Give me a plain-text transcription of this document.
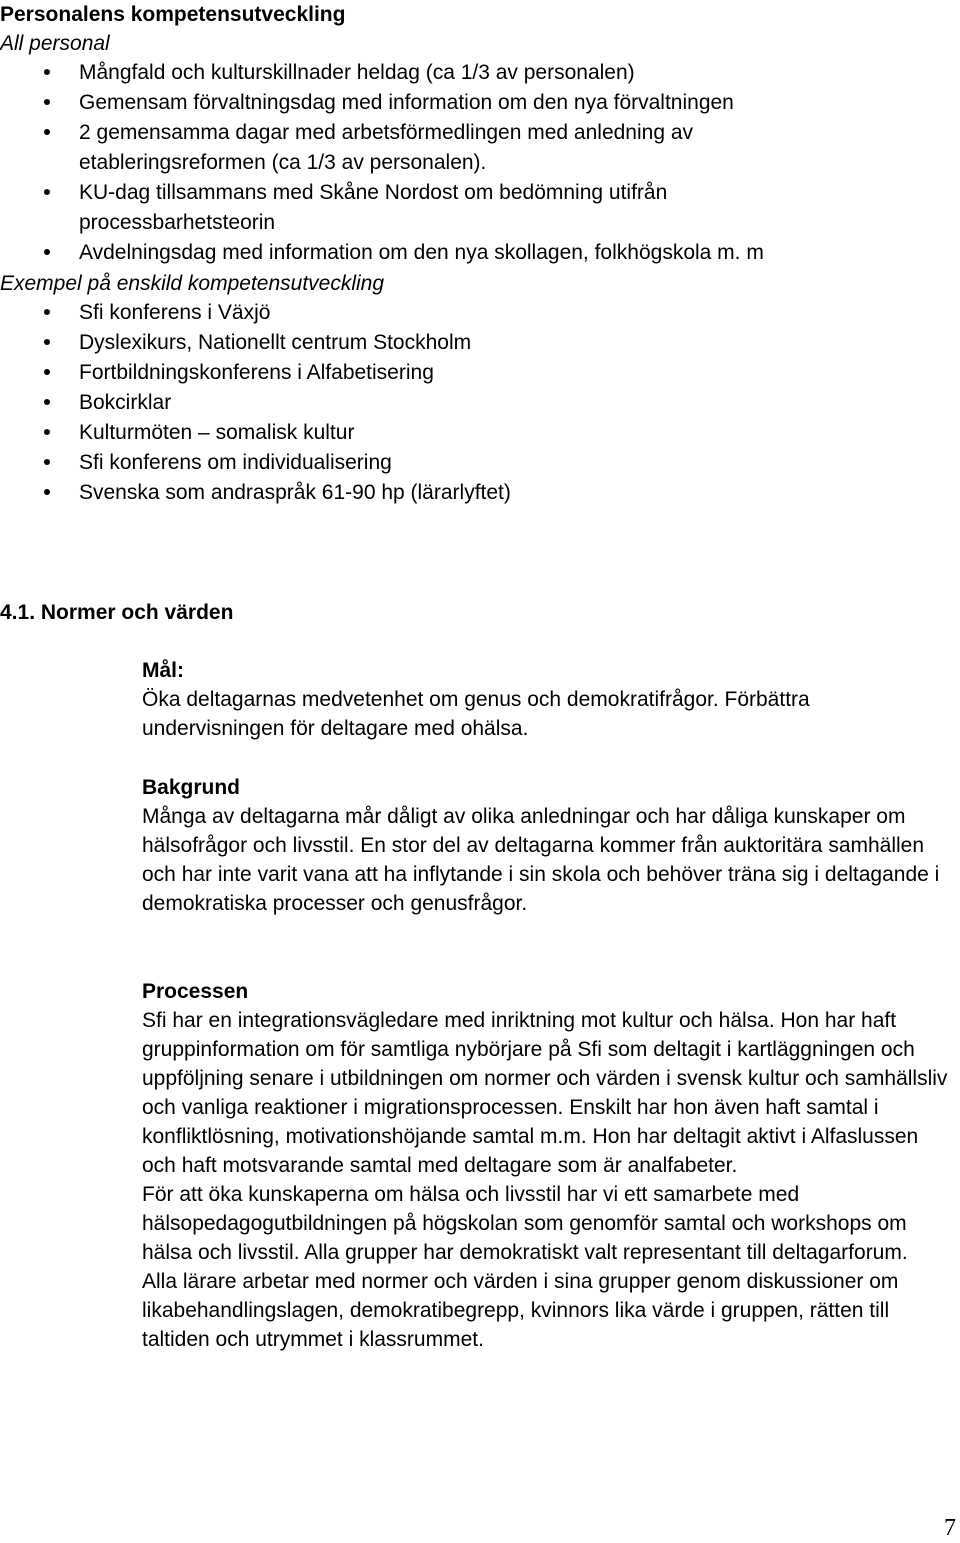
Personalens kompetensutveckling
All personal
Mångfald och kulturskillnader heldag (ca 1/3 av personalen)
Gemensam förvaltningsdag med information om den nya förvaltningen
2 gemensamma dagar med arbetsförmedlingen med anledning av etableringsreformen (ca 1/3 av personalen).
KU-dag tillsammans med Skåne Nordost om bedömning utifrån processbarhetsteorin
Avdelningsdag med information om den nya skollagen, folkhögskola m. m
Exempel på enskild kompetensutveckling
Sfi konferens i Växjö
Dyslexikurs, Nationellt centrum Stockholm
Fortbildningskonferens i Alfabetisering
Bokcirklar
Kulturmöten – somalisk kultur
Sfi konferens om individualisering
Svenska som andraspråk 61-90 hp (lärarlyftet)
4.1. Normer och värden
Mål:
Öka deltagarnas medvetenhet om genus och demokratifrågor. Förbättra undervisningen för deltagare med ohälsa.
Bakgrund
Många av deltagarna mår dåligt av olika anledningar och har dåliga kunskaper om hälsofrågor och livsstil. En stor del av deltagarna kommer från auktoritära samhällen och har inte varit vana att ha inflytande i sin skola och behöver träna sig i deltagande i demokratiska processer och genusfrågor.
Processen
Sfi har en integrationsvägledare med inriktning mot kultur och hälsa. Hon har haft gruppinformation om för samtliga nybörjare på Sfi som deltagit i kartläggningen och uppföljning senare i utbildningen om normer och värden i svensk kultur och samhällsliv och vanliga reaktioner i migrationsprocessen. Enskilt har hon även haft samtal i konfliktlösning, motivationshöjande samtal m.m. Hon har deltagit aktivt i Alfaslussen och haft motsvarande samtal med deltagare som är analfabeter.
För att öka kunskaperna om hälsa och livsstil har vi ett samarbete med hälsopedagogutbildningen på högskolan som genomför samtal och workshops om hälsa och livsstil. Alla grupper har demokratiskt valt representant till deltagarforum.
Alla lärare arbetar med normer och värden i sina grupper genom diskussioner om likabehandlingslagen, demokratibegrepp, kvinnors lika värde i gruppen, rätten till taltiden och utrymmet i klassrummet.
7
